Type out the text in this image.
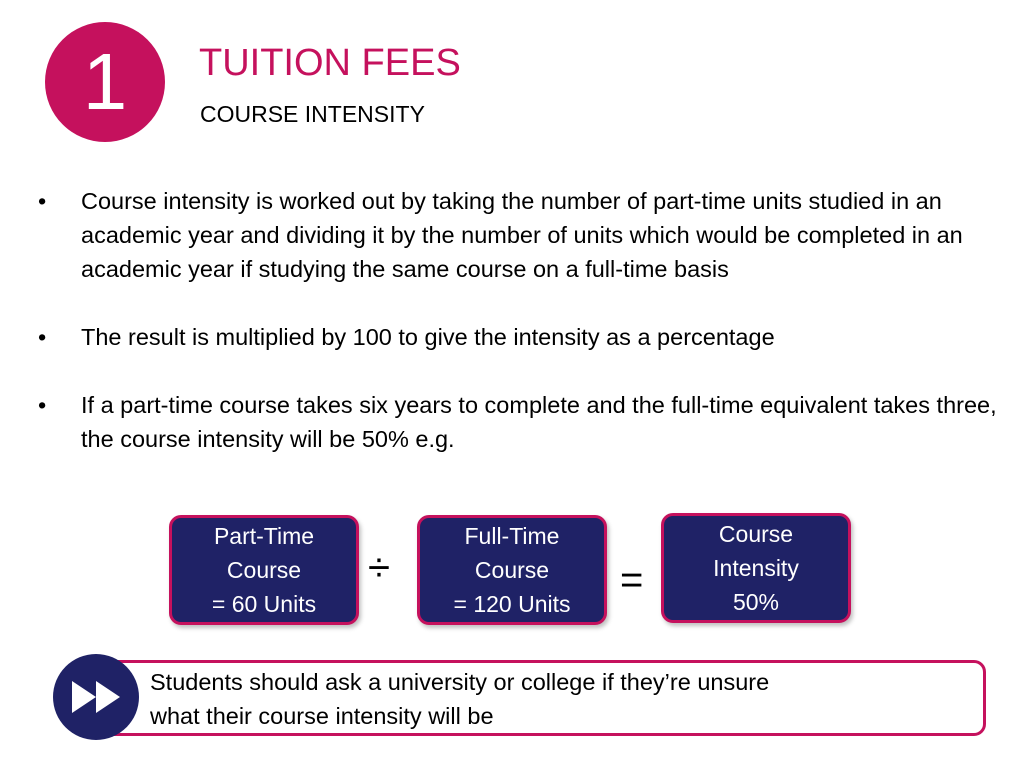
1 TUITION FEES
COURSE INTENSITY
• Course intensity is worked out by taking the number of part-time units studied in an academic year and dividing it by the number of units which would be completed in an academic year if studying the same course on a full-time basis
• The result is multiplied by 100 to give the intensity as a percentage
• If a part-time course takes six years to complete and the full-time equivalent takes three, the course intensity will be 50% e.g.
Part-Time
Course
= 60 Units
÷
Full-Time
Course
= 120 Units
=
Course
Intensity
50%
Students should ask a university or college if they’re unsure
what their course intensity will be
